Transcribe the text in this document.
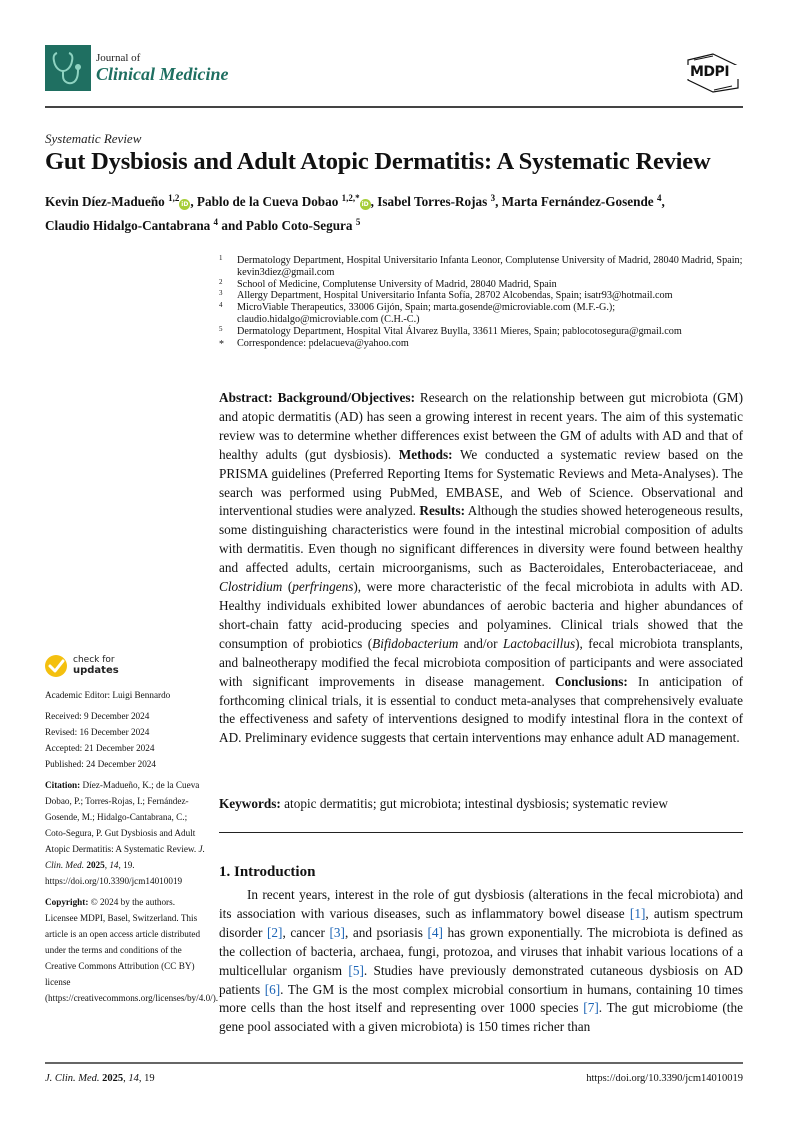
Journal of
Clinical Medicine	MDPI
Systematic Review
Gut Dysbiosis and Adult Atopic Dermatitis: A Systematic Review
Kevin Díez-Madueño $^{1,2}$iD , Pablo de la Cueva Dobao $^{1,2,*}$iD , Isabel Torres-Rojas $^3$, Marta Fernández-Gosende $^4$,
Claudio Hidalgo-Cantabrana $^4$ and Pablo Coto-Segura $^5$
1 Dermatology Department, Hospital Universitario Infanta Leonor, Complutense University of Madrid, 28040 Madrid, Spain; kevin3diez@gmail.com
2 School of Medicine, Complutense University of Madrid, 28040 Madrid, Spain
3 Allergy Department, Hospital Universitario Infanta Sofía, 28702 Alcobendas, Spain; isatr93@hotmail.com
4 MicroViable Therapeutics, 33006 Gijón, Spain; marta.gosende@microviable.com (M.F.-G.); claudio.hidalgo@microviable.com (C.H.-C.)
5 Dermatology Department, Hospital Vital Álvarez Buylla, 33611 Mieres, Spain; pablocotosegura@gmail.com
* Correspondence: pdelacueva@yahoo.com
Abstract: Background/Objectives: Research on the relationship between gut microbiota (GM) and atopic dermatitis (AD) has seen a growing interest in recent years. The aim of this systematic review was to determine whether differences exist between the GM of adults with AD and that of healthy adults (gut dysbiosis). Methods: We conducted a systematic review based on the PRISMA guidelines (Preferred Reporting Items for Systematic Reviews and Meta-Analyses). The search was performed using PubMed, EMBASE, and Web of Science. Observational and interventional studies were analyzed. Results: Although the studies showed heterogeneous results, some distinguishing characteristics were found in the intestinal microbial composition of adults with dermatitis. Even though no significant differences in diversity were found between healthy and affected adults, certain microorganisms, such as Bacteroidales, Enterobacteriaceae, and Clostridium (perfringens), were more characteristic of the fecal microbiota in adults with AD. Healthy individuals exhibited lower abundances of aerobic bacteria and higher abundances of short-chain fatty acid-producing species and polyamines. Clinical trials showed that the consumption of probiotics (Bifidobacterium and/or Lactobacillus), fecal microbiota transplants, and balneotherapy modified the fecal microbiota composition of participants and were associated with significant improvements in disease management. Conclusions: In anticipation of forthcoming clinical trials, it is essential to conduct meta-analyses that comprehensively evaluate the effectiveness and safety of interventions designed to modify intestinal flora in the context of AD. Preliminary evidence suggests that certain interventions may enhance adult AD management.
Keywords: atopic dermatitis; gut microbiota; intestinal dysbiosis; systematic review
1. Introduction
In recent years, interest in the role of gut dysbiosis (alterations in the fecal microbiota) and its association with various diseases, such as inflammatory bowel disease [1], autism spectrum disorder [2], cancer [3], and psoriasis [4] has grown exponentially. The microbiota is defined as the collection of bacteria, archaea, fungi, protozoa, and viruses that inhabit various locations of a multicellular organism [5]. Studies have previously demonstrated cutaneous dysbiosis on AD patients [6]. The GM is the most complex microbial consortium in humans, containing 10 times more cells than the host itself and representing over 1000 species [7]. The gut microbiome (the gene pool associated with a given microbiota) is 150 times richer than
check for
updates
Academic Editor: Luigi Bennardo
Received: 9 December 2024
Revised: 16 December 2024
Accepted: 21 December 2024
Published: 24 December 2024
Citation: Díez-Madueño, K.; de la Cueva Dobao, P.; Torres-Rojas, I.; Fernández-Gosende, M.; Hidalgo-Cantabrana, C.; Coto-Segura, P. Gut Dysbiosis and Adult Atopic Dermatitis: A Systematic Review. J. Clin. Med. 2025, 14, 19. https://doi.org/10.3390/jcm14010019
Copyright: © 2024 by the authors. Licensee MDPI, Basel, Switzerland. This article is an open access article distributed under the terms and conditions of the Creative Commons Attribution (CC BY) license (https://creativecommons.org/licenses/by/4.0/).
J. Clin. Med. 2025, 14, 19	https://doi.org/10.3390/jcm14010019
